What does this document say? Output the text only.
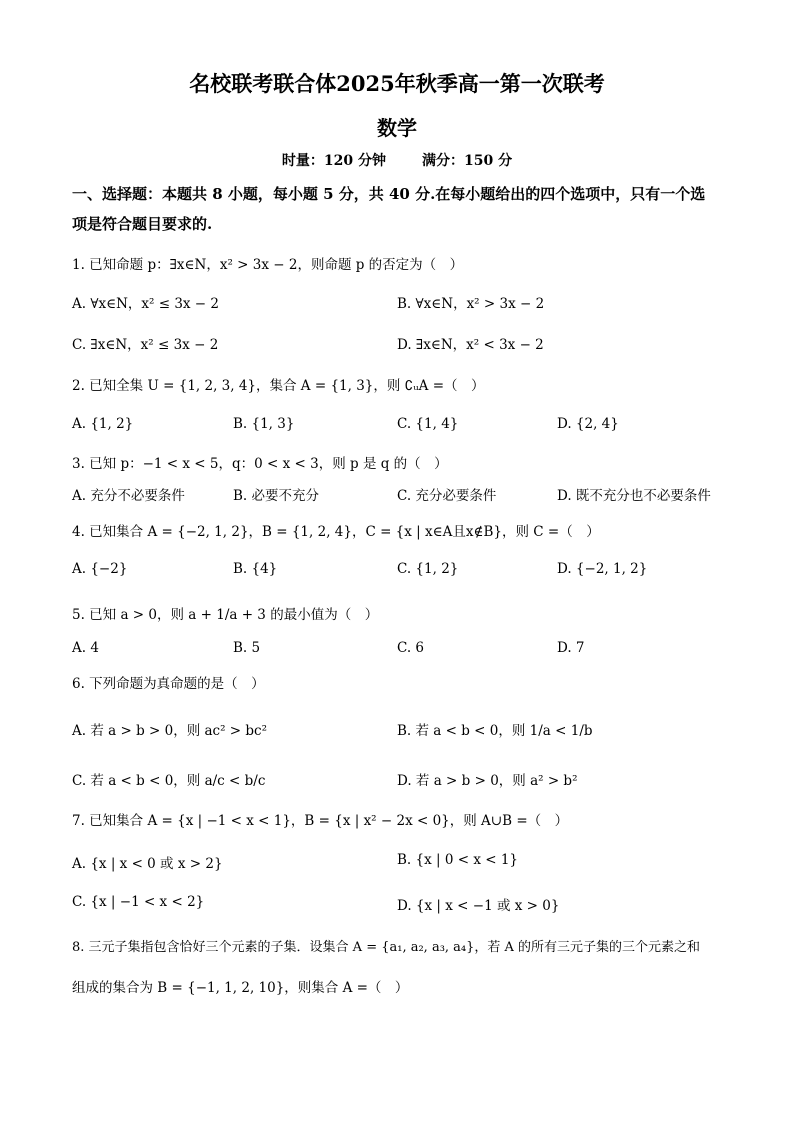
名校联考联合体2025年秋季高一第一次联考
数学
时量：120 分钟	满分：150 分
一、选择题：本题共 8 小题，每小题 5 分，共 40 分.在每小题给出的四个选项中，只有一个选
项是符合题目要求的.
1. 已知命题 p：∃x∈N，x² > 3x − 2，则命题 p 的否定为（　）
A. ∀x∈N，x² ≤ 3x − 2	B. ∀x∈N，x² > 3x − 2
C. ∃x∈N，x² ≤ 3x − 2	D. ∃x∈N，x² < 3x − 2
2. 已知全集 U = {1, 2, 3, 4}，集合 A = {1, 3}，则 ∁ᵤA =（　）
A. {1, 2}	B. {1, 3}	C. {1, 4}	D. {2, 4}
3. 已知 p：−1 < x < 5，q：0 < x < 3，则 p 是 q 的（　）
A. 充分不必要条件	B. 必要不充分	C. 充分必要条件	D. 既不充分也不必要条件
4. 已知集合 A = {−2, 1, 2}，B = {1, 2, 4}，C = {x | x∈A且x∉B}，则 C =（　）
A. {−2}	B. {4}	C. {1, 2}	D. {−2, 1, 2}
5. 已知 a > 0，则 a + 1/a + 3 的最小值为（　）
A. 4	B. 5	C. 6	D. 7
6. 下列命题为真命题的是（　）
A. 若 a > b > 0，则 ac² > bc²	B. 若 a < b < 0，则 1/a < 1/b
C. 若 a < b < 0，则 a/c < b/c	D. 若 a > b > 0，则 a² > b²
7. 已知集合 A = {x | −1 < x < 1}，B = {x | x² − 2x < 0}，则 A∪B =（　）
A. {x | x < 0 或 x > 2}	B. {x | 0 < x < 1}
C. {x | −1 < x < 2}	D. {x | x < −1 或 x > 0}
8. 三元子集指包含恰好三个元素的子集．设集合 A = {a₁, a₂, a₃, a₄}，若 A 的所有三元子集的三个元素之和
组成的集合为 B = {−1, 1, 2, 10}，则集合 A =（　）
